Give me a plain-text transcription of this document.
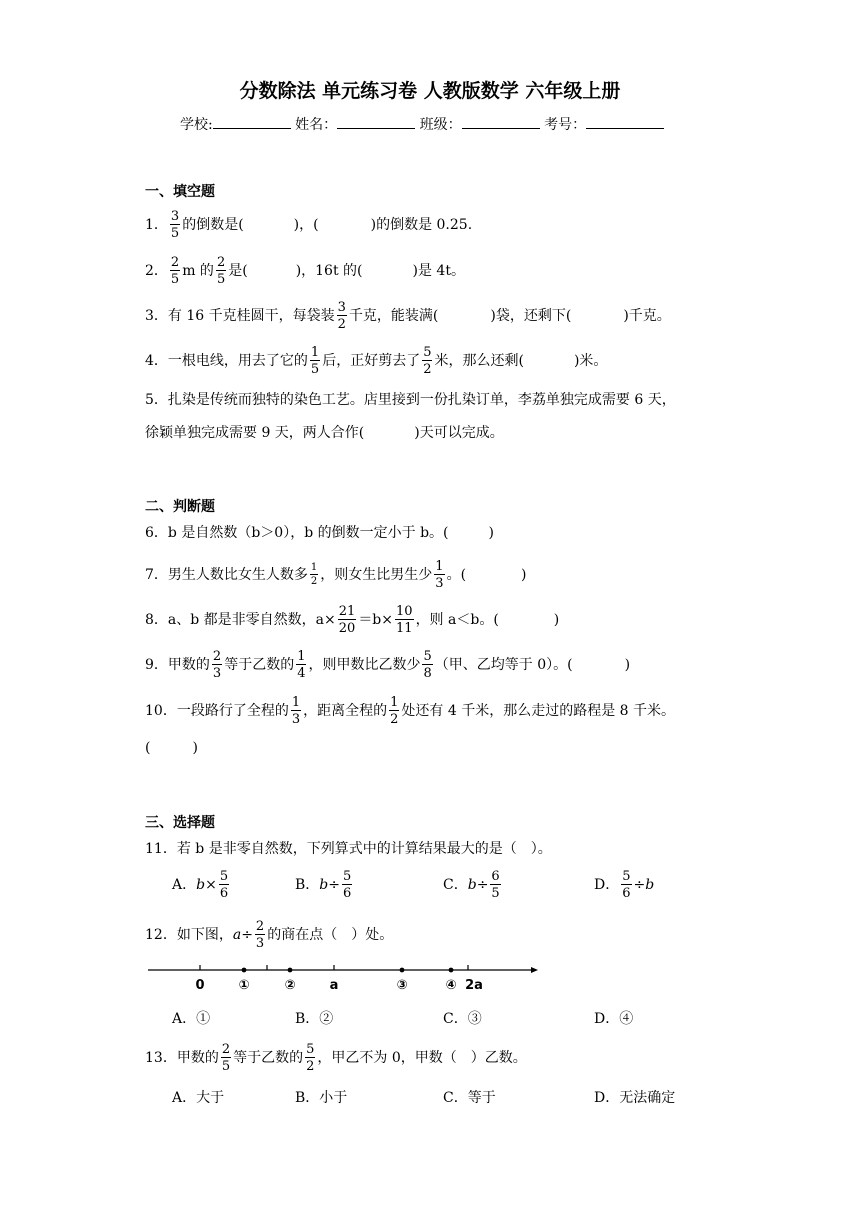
分数除法 单元练习卷 人教版数学 六年级上册
学校:	姓名：	班级：	考号：
一、填空题
1． $\frac{3}{5}$ 的倒数是(	)，(	)的倒数是 0.25.
2． $\frac{2}{5}$ m 的 $\frac{2}{5}$ 是(	)，16t 的(	)是 4t。
3．有 16 千克桂圆干，每袋装 $\frac{3}{2}$ 千克，能装满(	)袋，还剩下(	)千克。
4．一根电线，用去了它的 $\frac{1}{5}$ 后，正好剪去了 $\frac{5}{2}$ 米，那么还剩(	)米。
5．扎染是传统而独特的染色工艺。店里接到一份扎染订单，李荔单独完成需要 6 天，
徐颖单独完成需要 9 天，两人合作(	)天可以完成。
二、判断题
6．b 是自然数（b＞0），b 的倒数一定小于 b。(	)
7．男生人数比女生人数多 $\frac{1}{2}$ ，则女生比男生少 $\frac{1}{3}$ 。(	)
8．a、b 都是非零自然数，$a\times \frac{21}{20} =b\times \frac{10}{11}$ ，则 a＜b。(	)
9．甲数的 $\frac{2}{3}$ 等于乙数的 $\frac{1}{4}$ ，则甲数比乙数少 $\frac{5}{8}$ （甲、乙均等于 0）。(	)
10．一段路行了全程的 $\frac{1}{3}$ ，距离全程的 $\frac{1}{2}$ 处还有 4 千米，那么走过的路程是 8 千米。
(	)
三、选择题
11．若 b 是非零自然数，下列算式中的计算结果最大的是（　）。
A．$b\times \frac{5}{6}$	B．$b\div \frac{5}{6}$	C．$b\div \frac{6}{5}$	D． $\frac{5}{6} \div b$
12．如下图，$a\div \frac{2}{3}$ 的商在点（　）处。
0	①	②	a	③	④ 2a
A．①	B．②	C．③	D．④
13．甲数的 $\frac{2}{5}$ 等于乙数的 $\frac{5}{2}$ ，甲乙不为 0，甲数（　）乙数。
A．大于	B．小于	C．等于	D．无法确定
